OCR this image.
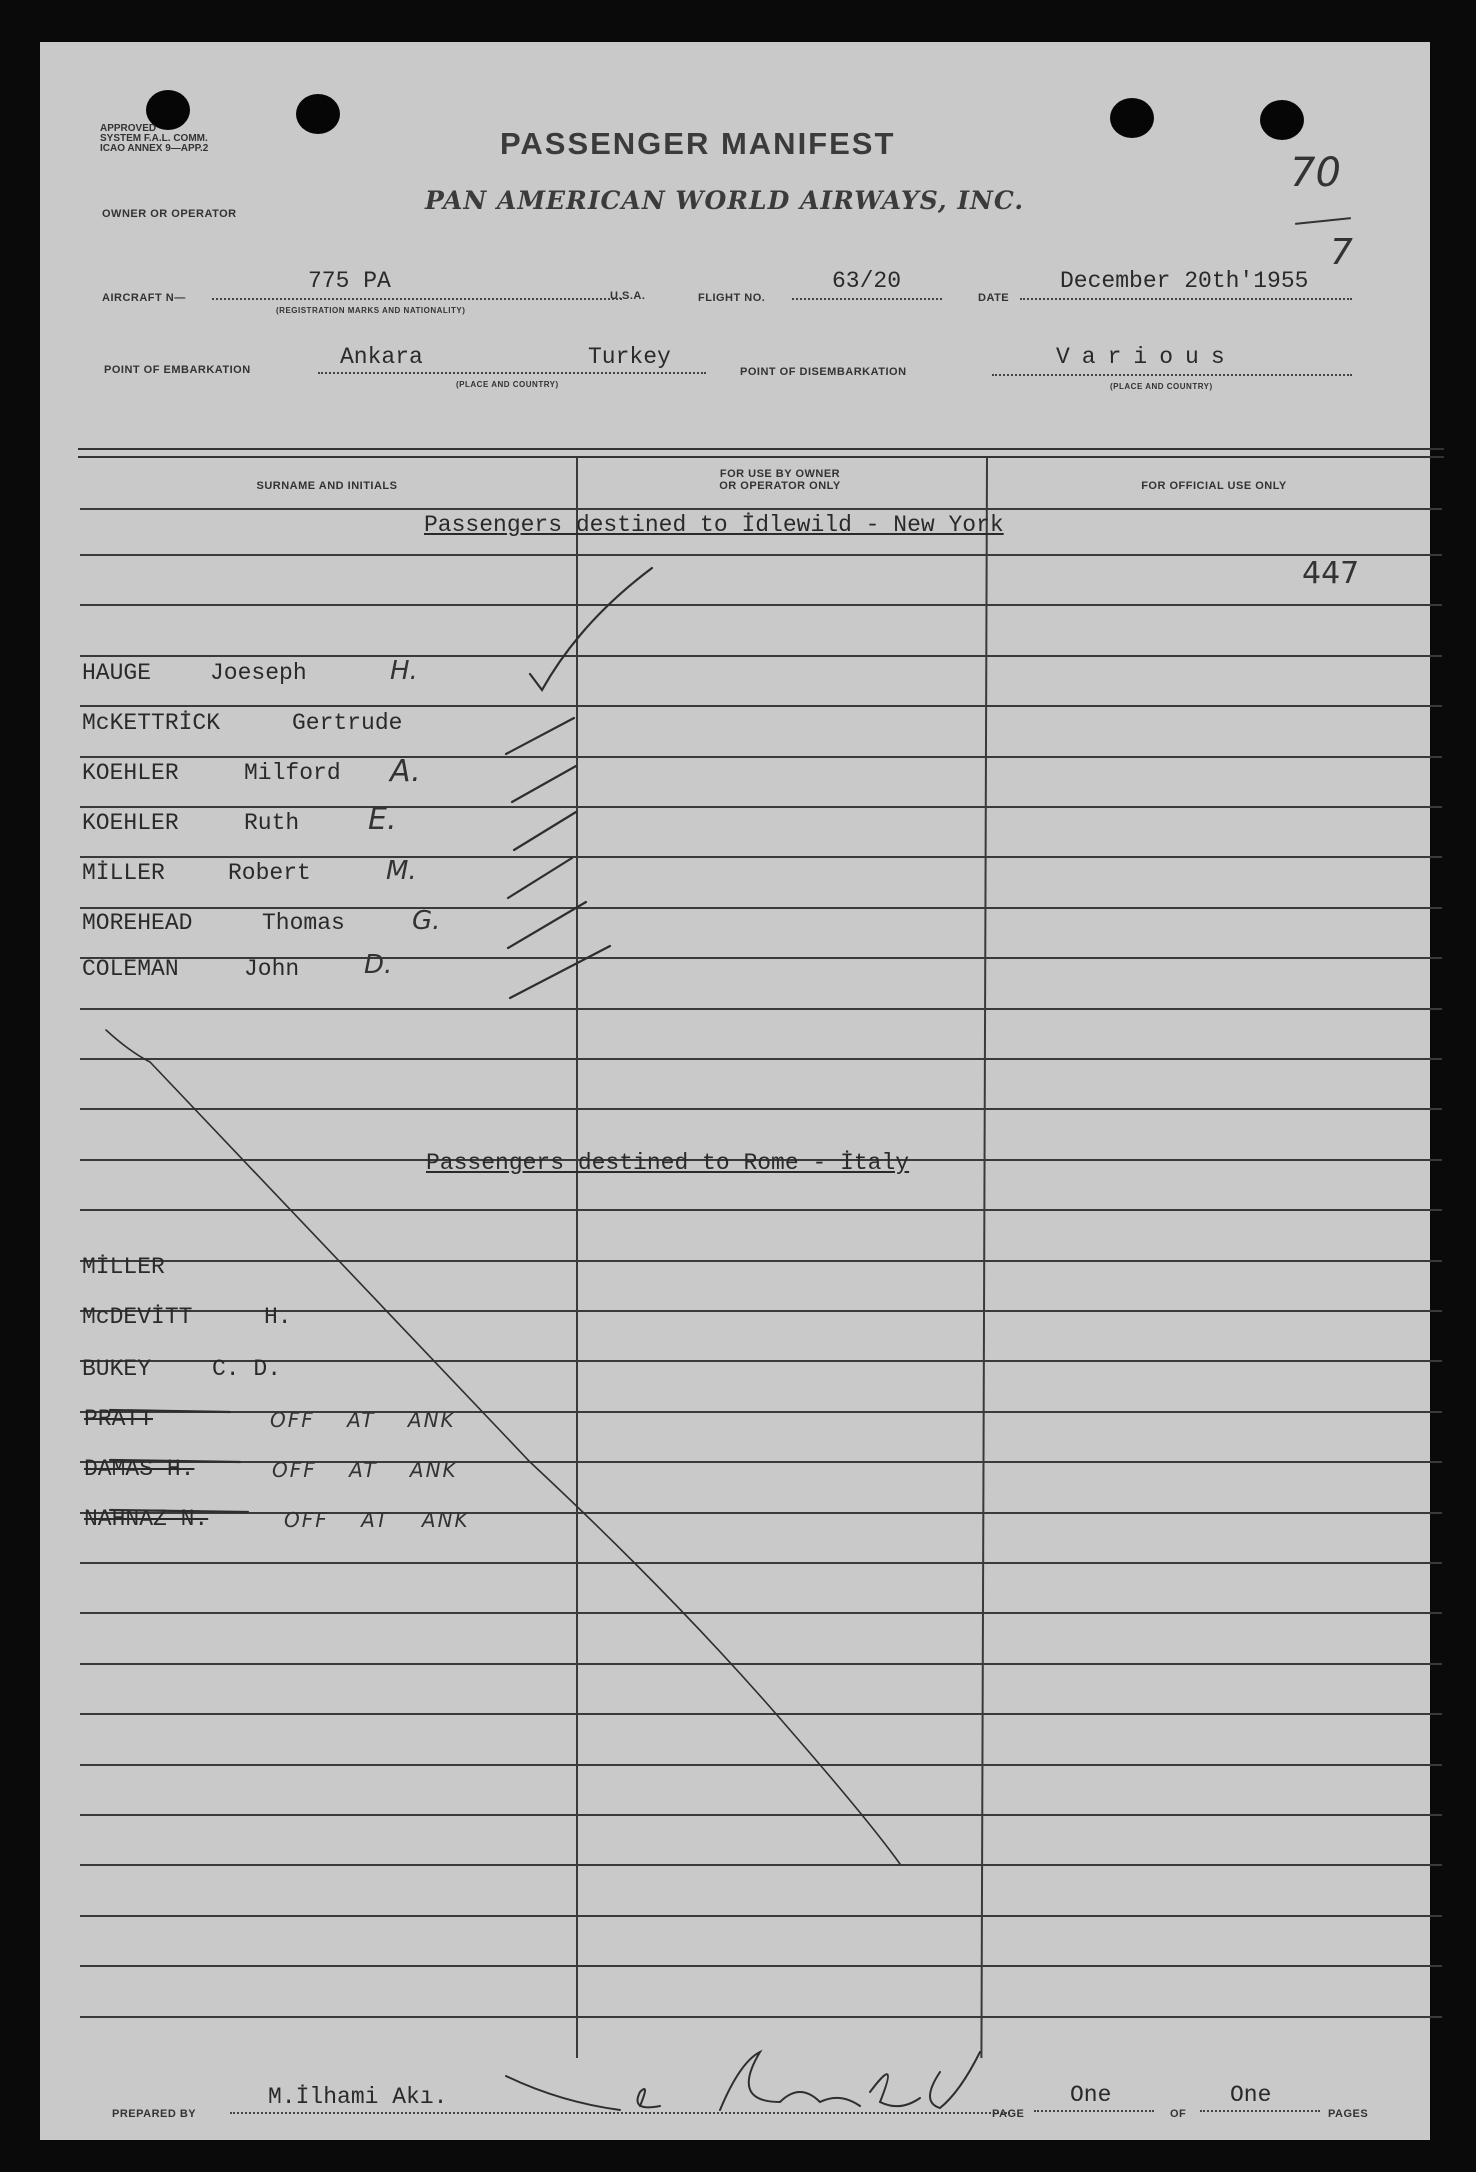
APPROVED
SYSTEM F.A.L. COMM.
ICAO ANNEX 9—APP.2	PASSENGER MANIFEST
PAN AMERICAN WORLD AIRWAYS, INC.
OWNER OR OPERATOR
70
7
AIRCRAFT N—
775 PA
(REGISTRATION MARKS AND NATIONALITY)
U.S.A.	FLIGHT NO.
63/20
DATE
December 20th'1955
POINT OF EMBARKATION	Ankara	Turkey
(PLACE AND COUNTRY)
POINT OF DISEMBARKATION
Various
(PLACE AND COUNTRY)
SURNAME AND INITIALS
FOR USE BY OWNER
OR OPERATOR ONLY	FOR OFFICIAL USE ONLY
Passengers destined to İdlewild - New York
447
Passengers destined to Rome - İtaly
HAUGE	Joeseph	H.
McKETTRİCK	Gertrude
KOEHLER	Milford A.
KOEHLER	Ruth E.
MİLLER	Robert	M.
MOREHEAD	Thomas	G.
COLEMAN	John D.
MİLLER
McDEVİTT	H.
BUKEY	C. D.
PRATT	OFF AT ANK
DAMAS H.	OFF AT ANK
NAHNAZ N.	OFF AT ANK
PREPARED BY
M.İlhami Akı.
PAGE
One
OF
One
PAGES
